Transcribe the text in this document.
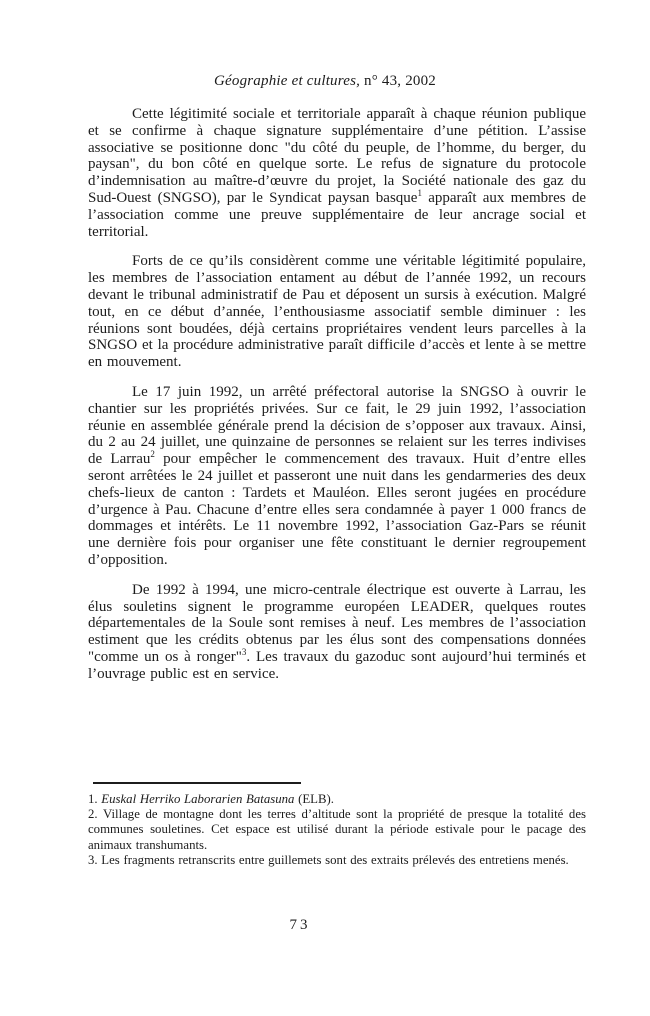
Géographie et cultures, n° 43, 2002

Cette légitimité sociale et territoriale apparaît à chaque réunion publique et se confirme à chaque signature supplémentaire d’une pétition. L’assise associative se positionne donc "du côté du peuple, de l’homme, du berger, du paysan", du bon côté en quelque sorte. Le refus de signature du protocole d’indemnisation au maître-d’œuvre du projet, la Société nationale des gaz du Sud-Ouest (SNGSO), par le Syndicat paysan basque$^1$ apparaît aux membres de l’association comme une preuve supplémentaire de leur ancrage social et territorial.

Forts de ce qu’ils considèrent comme une véritable légitimité populaire, les membres de l’association entament au début de l’année 1992, un recours devant le tribunal administratif de Pau et déposent un sursis à exécution. Malgré tout, en ce début d’année, l’enthousiasme associatif semble diminuer : les réunions sont boudées, déjà certains propriétaires vendent leurs parcelles à la SNGSO et la procédure administrative paraît difficile d’accès et lente à se mettre en mouvement.

Le 17 juin 1992, un arrêté préfectoral autorise la SNGSO à ouvrir le chantier sur les propriétés privées. Sur ce fait, le 29 juin 1992, l’association réunie en assemblée générale prend la décision de s’opposer aux travaux. Ainsi, du 2 au 24 juillet, une quinzaine de personnes se relaient sur les terres indivises de Larrau$^2$ pour empêcher le commencement des travaux. Huit d’entre elles seront arrêtées le 24 juillet et passeront une nuit dans les gendarmeries des deux chefs-lieux de canton : Tardets et Mauléon. Elles seront jugées en procédure d’urgence à Pau. Chacune d’entre elles sera condamnée à payer 1 000 francs de dommages et intérêts. Le 11 novembre 1992, l’association Gaz-Pars se réunit une dernière fois pour organiser une fête constituant le dernier regroupement d’opposition.

De 1992 à 1994, une micro-centrale électrique est ouverte à Larrau, les élus souletins signent le programme européen LEADER, quelques routes départementales de la Soule sont remises à neuf. Les membres de l’association estiment que les crédits obtenus par les élus sont des compensations données "comme un os à ronger"$^3$. Les travaux du gazoduc sont aujourd’hui terminés et l’ouvrage public est en service.

1. Euskal Herriko Laborarien Batasuna (ELB).

2. Village de montagne dont les terres d’altitude sont la propriété de presque la totalité des communes souletines. Cet espace est utilisé durant la période estivale pour le pacage des animaux transhumants.

3. Les fragments retranscrits entre guillemets sont des extraits prélevés des entretiens menés.

73
